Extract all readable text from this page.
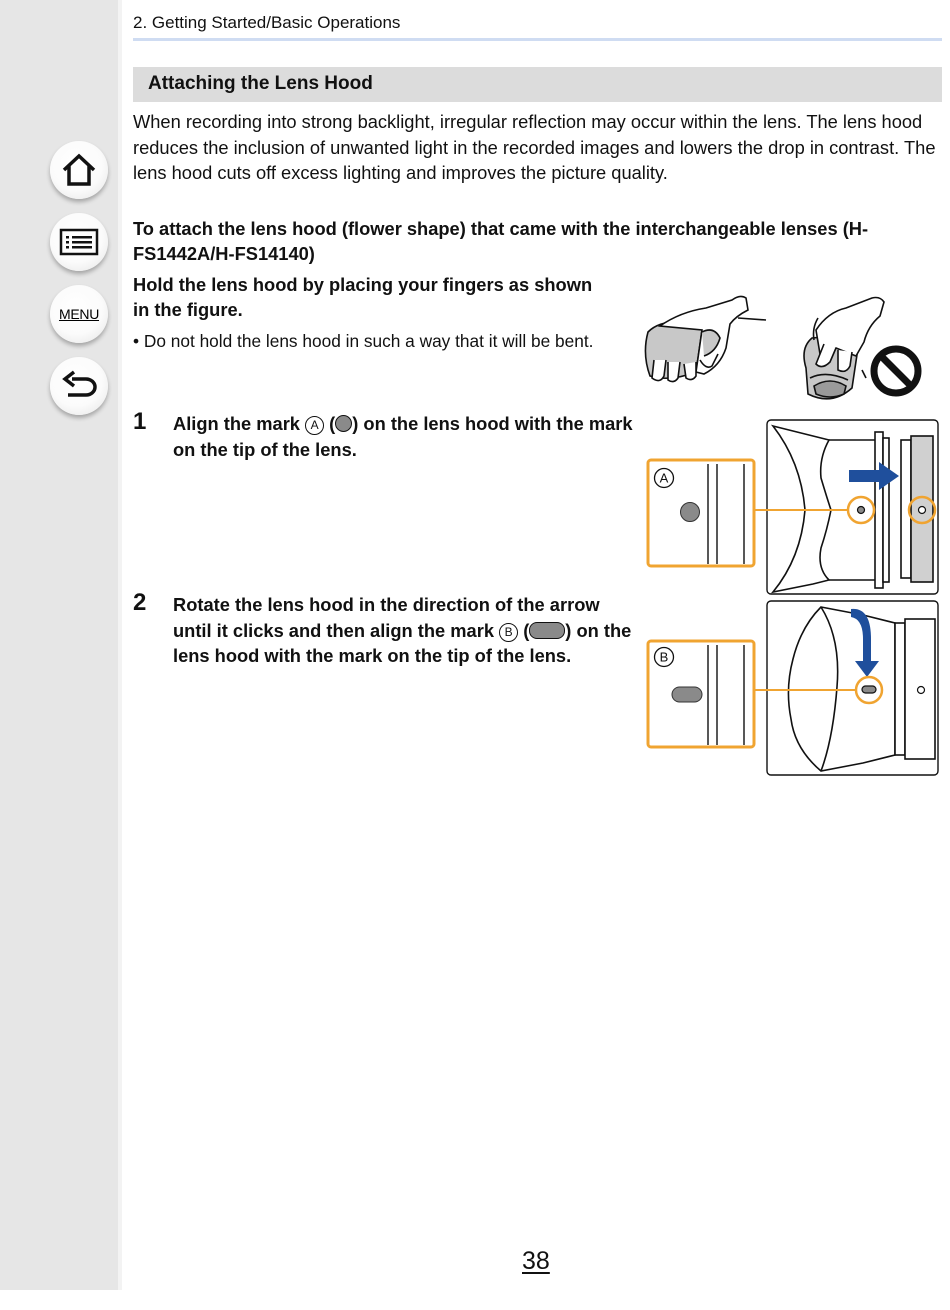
MENU
2. Getting Started/Basic Operations
Attaching the Lens Hood

When recording into strong backlight, irregular reflection may occur within the lens. The lens hood reduces the inclusion of unwanted light in the recorded images and lowers the drop in contrast. The lens hood cuts off excess lighting and improves the picture quality.

To attach the lens hood (flower shape) that came with the interchangeable lenses (H-FS1442A/H-FS14140)

Hold the lens hood by placing your fingers as shown in the figure.

• Do not hold the lens hood in such a way that it will be bent.

1 Align the mark A ( ) on the lens hood with the mark on the tip of the lens.

2 Rotate the lens hood in the direction of the arrow until it clicks and then align the mark B ( ) on the lens hood with the mark on the tip of the lens.

A
B
38
